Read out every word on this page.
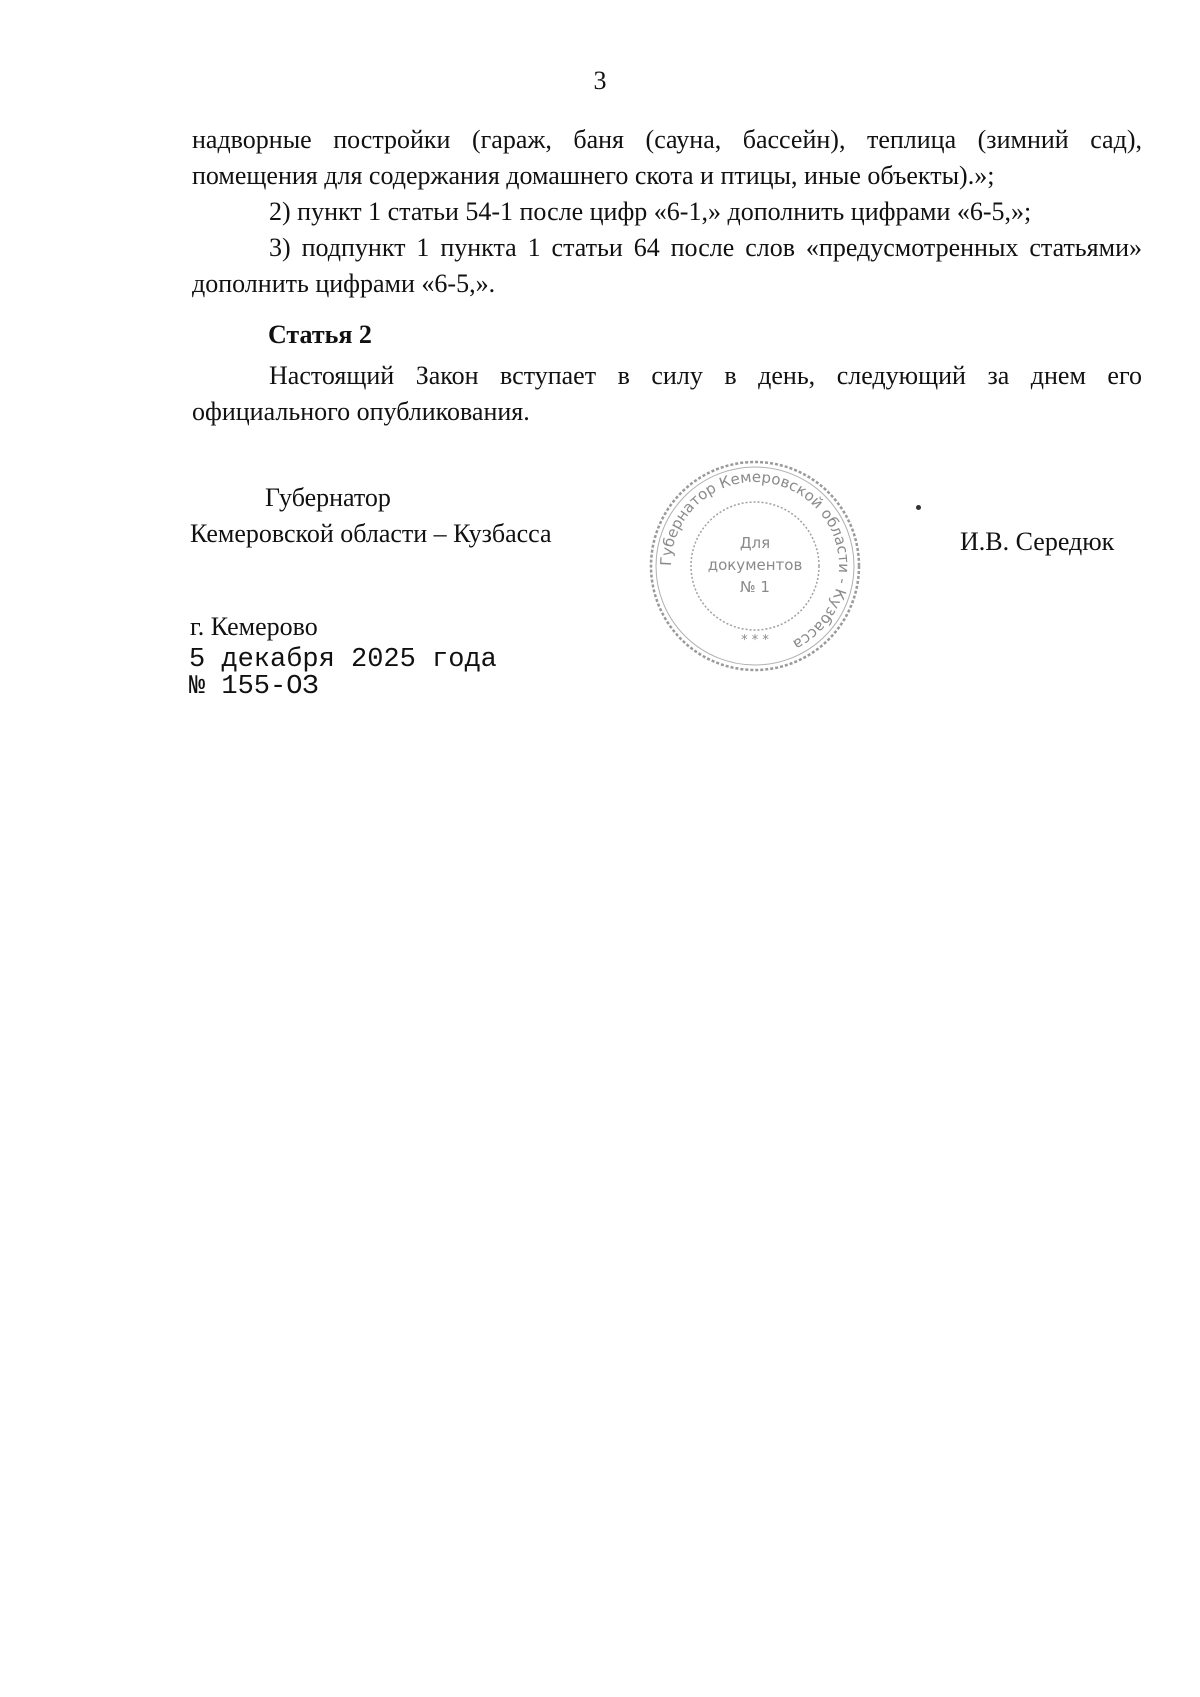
3

надворные постройки (гараж, баня (сауна, бассейн), теплица (зимний сад), помещения для содержания домашнего скота и птицы, иные объекты).»;

2) пункт 1 статьи 54-1 после цифр «6-1,» дополнить цифрами «6-5,»;

3) подпункт 1 пункта 1 статьи 64 после слов «предусмотренных статьями» дополнить цифрами «6-5,».

Статья 2

Настоящий Закон вступает в силу в день, следующий за днем его официального опубликования.

Губернатор
Кемеровской области – Кузбасса	И.В. Середюк
Губернатор Кемеровской области - Кузбасса
Для
документов
№ 1
* * *
г. Кемерово
5 декабря 2025 года
№ 155-ОЗ
